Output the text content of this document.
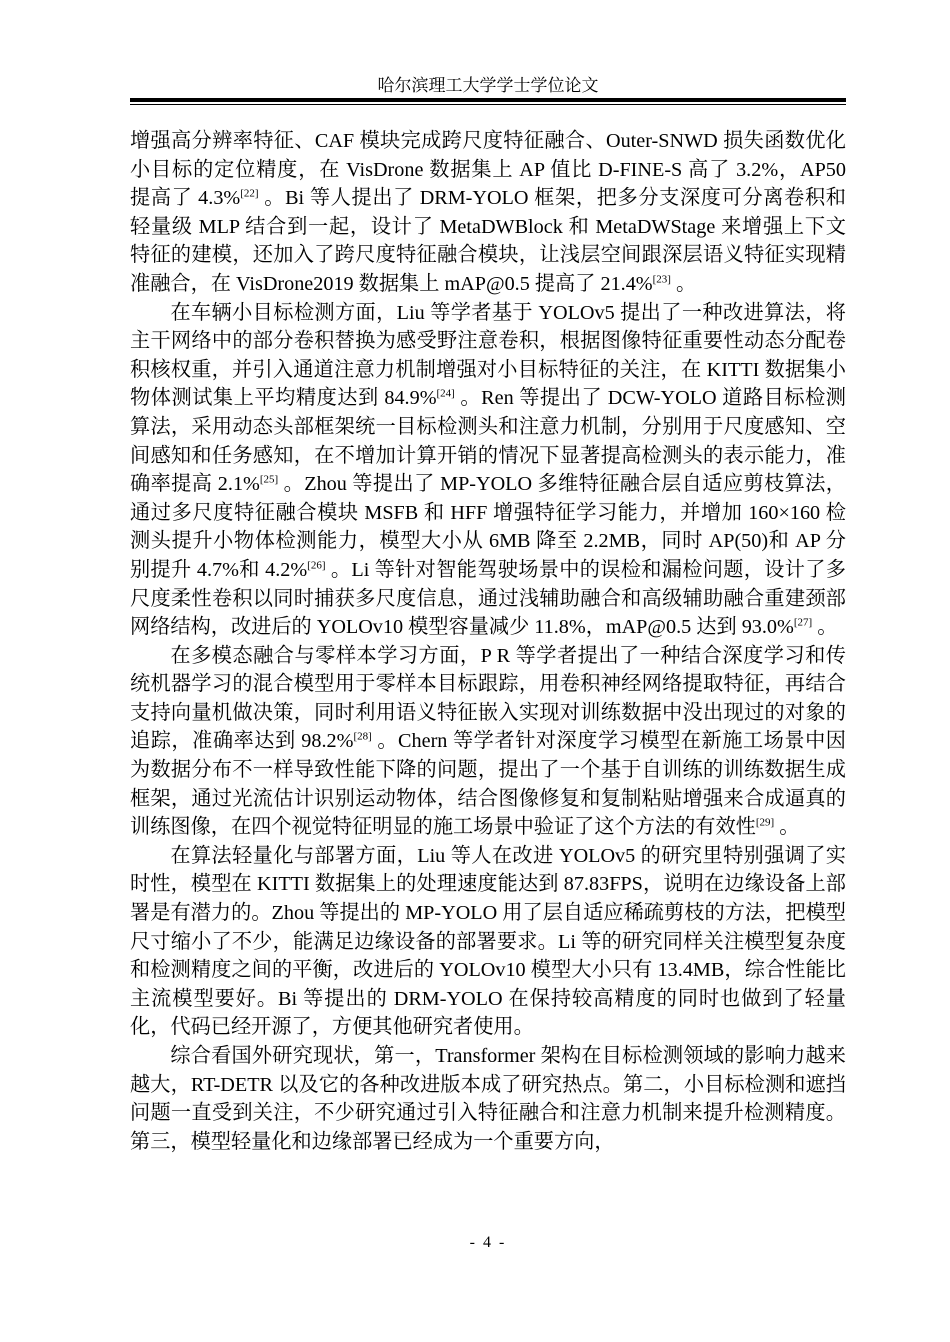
哈尔滨理工大学学士学位论文

增强高分辨率特征、CAF 模块完成跨尺度特征融合、Outer-SNWD 损失函数优化小目标的定位精度，在 VisDrone 数据集上 AP 值比 D-FINE-S 高了 3.2%，AP50 提高了 4.3%[22] 。Bi 等人提出了 DRM-YOLO 框架，把多分支深度可分离卷积和轻量级 MLP 结合到一起，设计了 MetaDWBlock 和 MetaDWStage 来增强上下文特征的建模，还加入了跨尺度特征融合模块，让浅层空间跟深层语义特征实现精准融合，在 VisDrone2019 数据集上 mAP@0.5 提高了 21.4%[23] 。

在车辆小目标检测方面，Liu 等学者基于 YOLOv5 提出了一种改进算法，将主干网络中的部分卷积替换为感受野注意卷积，根据图像特征重要性动态分配卷积核权重，并引入通道注意力机制增强对小目标特征的关注，在 KITTI 数据集小物体测试集上平均精度达到 84.9%[24] 。Ren 等提出了 DCW-YOLO 道路目标检测算法，采用动态头部框架统一目标检测头和注意力机制，分别用于尺度感知、空间感知和任务感知，在不增加计算开销的情况下显著提高检测头的表示能力，准确率提高 2.1%[25] 。Zhou 等提出了 MP-YOLO 多维特征融合层自适应剪枝算法，通过多尺度特征融合模块 MSFB 和 HFF 增强特征学习能力，并增加 160×160 检测头提升小物体检测能力，模型大小从 6MB 降至 2.2MB，同时 AP(50)和 AP 分别提升 4.7%和 4.2%[26] 。Li 等针对智能驾驶场景中的误检和漏检问题，设计了多尺度柔性卷积以同时捕获多尺度信息，通过浅辅助融合和高级辅助融合重建颈部网络结构，改进后的 YOLOv10 模型容量减少 11.8%，mAP@0.5 达到 93.0%[27] 。

在多模态融合与零样本学习方面，P R 等学者提出了一种结合深度学习和传统机器学习的混合模型用于零样本目标跟踪，用卷积神经网络提取特征，再结合支持向量机做决策，同时利用语义特征嵌入实现对训练数据中没出现过的对象的追踪，准确率达到 98.2%[28] 。Chern 等学者针对深度学习模型在新施工场景中因为数据分布不一样导致性能下降的问题，提出了一个基于自训练的训练数据生成框架，通过光流估计识别运动物体，结合图像修复和复制粘贴增强来合成逼真的训练图像，在四个视觉特征明显的施工场景中验证了这个方法的有效性[29] 。

在算法轻量化与部署方面，Liu 等人在改进 YOLOv5 的研究里特别强调了实时性，模型在 KITTI 数据集上的处理速度能达到 87.83FPS，说明在边缘设备上部署是有潜力的。Zhou 等提出的 MP-YOLO 用了层自适应稀疏剪枝的方法，把模型尺寸缩小了不少，能满足边缘设备的部署要求。Li 等的研究同样关注模型复杂度和检测精度之间的平衡，改进后的 YOLOv10 模型大小只有 13.4MB，综合性能比主流模型要好。Bi 等提出的 DRM-YOLO 在保持较高精度的同时也做到了轻量化，代码已经开源了，方便其他研究者使用。

综合看国外研究现状，第一，Transformer 架构在目标检测领域的影响力越来越大，RT-DETR 以及它的各种改进版本成了研究热点。第二，小目标检测和遮挡问题一直受到关注，不少研究通过引入特征融合和注意力机制来提升检测精度。第三，模型轻量化和边缘部署已经成为一个重要方向，

- 4 -
